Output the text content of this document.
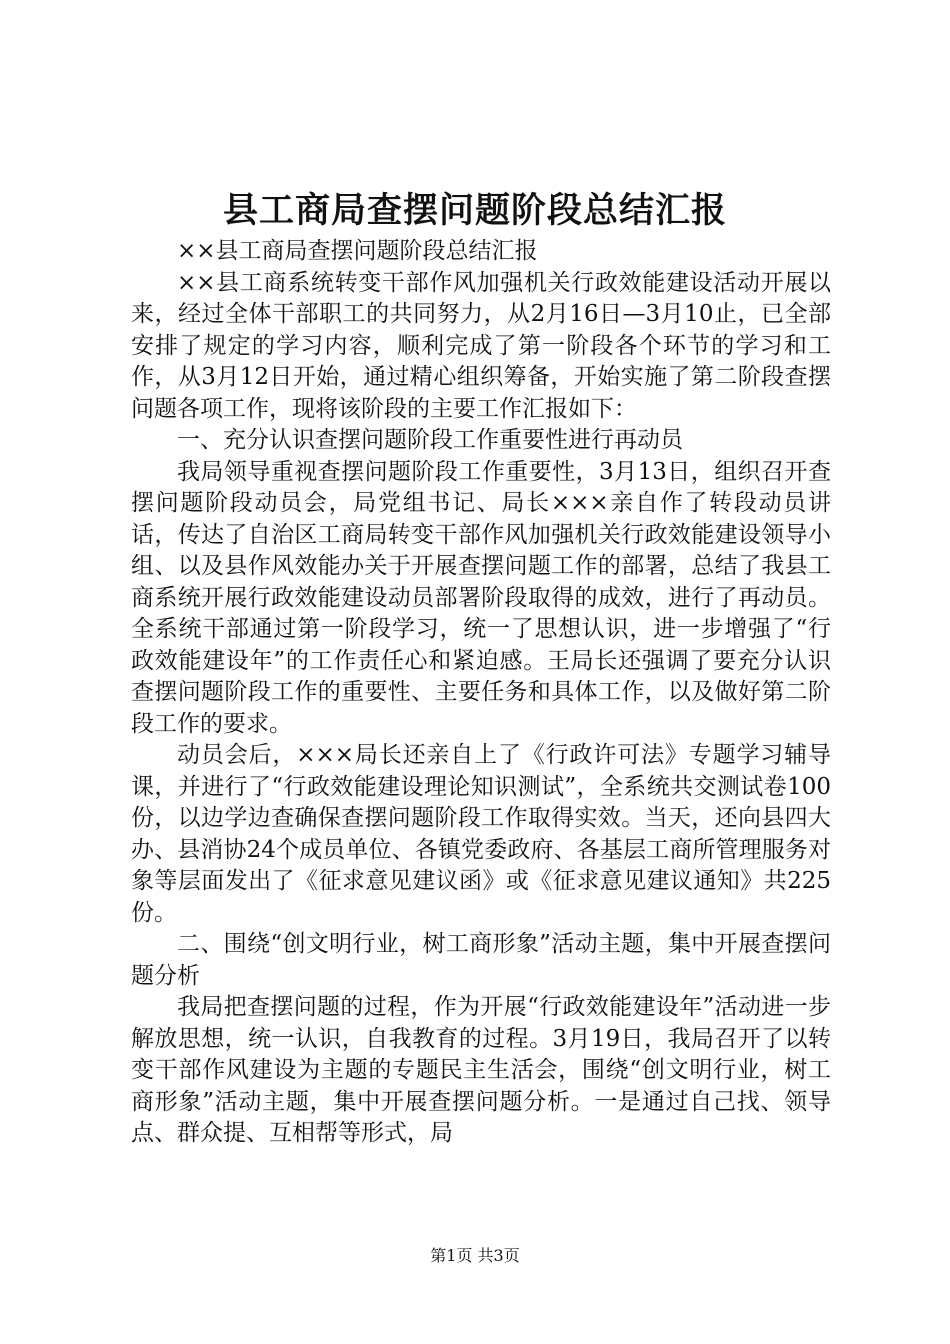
县工商局查摆问题阶段总结汇报

××县工商局查摆问题阶段总结汇报

××县工商系统转变干部作风加强机关行政效能建设活动开展以来，经过全体干部职工的共同努力，从2月16日—3月10止，已全部安排了规定的学习内容，顺利完成了第一阶段各个环节的学习和工作，从3月12日开始，通过精心组织筹备，开始实施了第二阶段查摆问题各项工作，现将该阶段的主要工作汇报如下：

一、充分认识查摆问题阶段工作重要性进行再动员

我局领导重视查摆问题阶段工作重要性，3月13日，组织召开查摆问题阶段动员会，局党组书记、局长×××亲自作了转段动员讲话，传达了自治区工商局转变干部作风加强机关行政效能建设领导小组、以及县作风效能办关于开展查摆问题工作的部署，总结了我县工商系统开展行政效能建设动员部署阶段取得的成效，进行了再动员。全系统干部通过第一阶段学习，统一了思想认识，进一步增强了“行政效能建设年”的工作责任心和紧迫感。王局长还强调了要充分认识查摆问题阶段工作的重要性、主要任务和具体工作，以及做好第二阶段工作的要求。

动员会后，×××局长还亲自上了《行政许可法》专题学习辅导课，并进行了“行政效能建设理论知识测试”，全系统共交测试卷100份，以边学边查确保查摆问题阶段工作取得实效。当天，还向县四大办、县消协24个成员单位、各镇党委政府、各基层工商所管理服务对象等层面发出了《征求意见建议函》或《征求意见建议通知》共225份。

二、围绕“创文明行业，树工商形象”活动主题，集中开展查摆问题分析

我局把查摆问题的过程，作为开展“行政效能建设年”活动进一步解放思想，统一认识，自我教育的过程。3月19日，我局召开了以转变干部作风建设为主题的专题民主生活会，围绕“创文明行业，树工商形象”活动主题，集中开展查摆问题分析。一是通过自己找、领导点、群众提、互相帮等形式，局

第1页 共3页
